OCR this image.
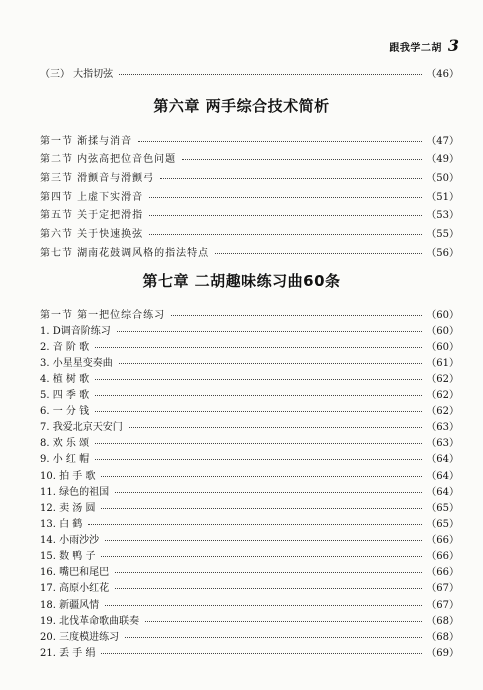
跟我学二胡 3
（三） 大指切弦	（46）
第六章 两手综合技术简析
第一节 渐揉与消音	（47）
第二节 内弦高把位音色问题	（49）
第三节 滑颤音与滑颤弓	（50）
第四节 上虚下实滑音	（51）
第五节 关于定把滑指	（53）
第六节 关于快速换弦	（55）
第七节 湖南花鼓调风格的指法特点	（56）
第七章 二胡趣味练习曲60条
第一节 第一把位综合练习	（60）
1. D调音阶练习	（60）
2. 音 阶 歌	（60）
3. 小星星变奏曲	（61）
4. 植 树 歌	（62）
5. 四 季 歌	（62）
6. 一 分 钱	（62）
7. 我爱北京天安门	（63）
8. 欢 乐 颂	（63）
9. 小 红 帽	（64）
10. 拍 手 歌	（64）
11. 绿色的祖国	（64）
12. 卖 汤 圆	（65）
13. 白 鹤	（65）
14. 小雨沙沙	（66）
15. 数 鸭 子	（66）
16. 嘴巴和尾巴	（66）
17. 高原小红花	（67）
18. 新疆风情	（67）
19. 北伐革命歌曲联奏	（68）
20. 三度模进练习	（68）
21. 丢 手 绢	（69）
